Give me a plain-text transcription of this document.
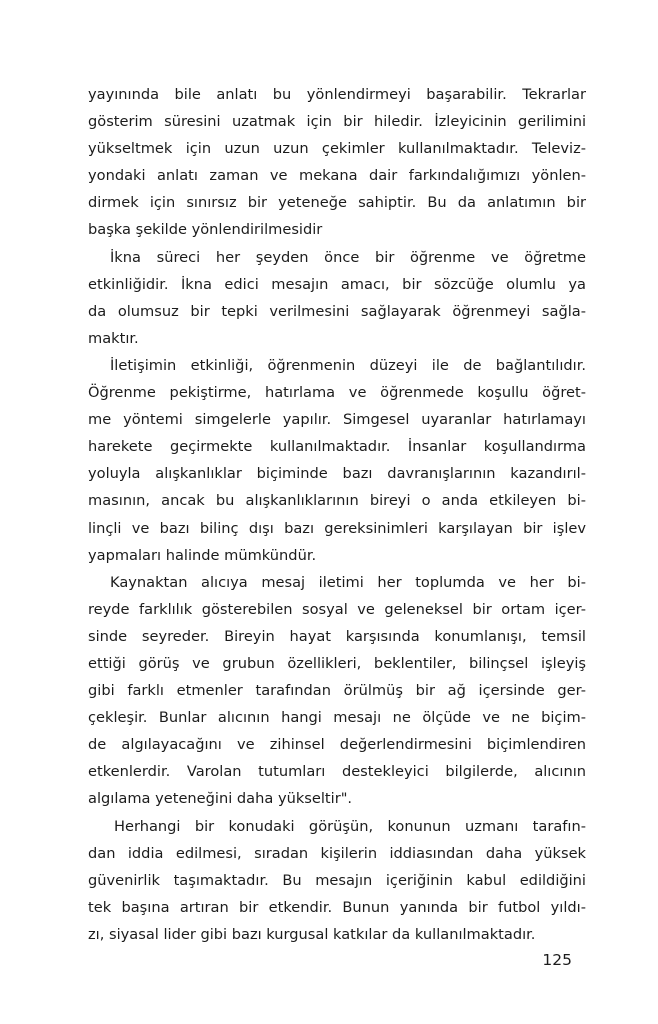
yayınında bile anlatı bu yönlendirmeyi başarabilir. Tekrarlar
gösterim süresini uzatmak için bir hiledir. İzleyicinin gerilimini
yükseltmek için uzun uzun çekimler kullanılmaktadır. Televiz-
yondaki anlatı zaman ve mekana dair farkındalığımızı yönlen-
dirmek için sınırsız bir yeteneğe sahiptir. Bu da anlatımın bir
başka şekilde yönlendirilmesidir
İkna süreci her şeyden önce bir öğrenme ve öğretme
etkinliğidir. İkna edici mesajın amacı, bir sözcüğe olumlu ya
da olumsuz bir tepki verilmesini sağlayarak öğrenmeyi sağla-
maktır.
İletişimin etkinliği, öğrenmenin düzeyi ile de bağlantılıdır.
Öğrenme pekiştirme, hatırlama ve öğrenmede koşullu öğret-
me yöntemi simgelerle yapılır. Simgesel uyaranlar hatırlamayı
harekete geçirmekte kullanılmaktadır. İnsanlar koşullandırma
yoluyla alışkanlıklar biçiminde bazı davranışlarının kazandırıl-
masının, ancak bu alışkanlıklarının bireyi o anda etkileyen bi-
linçli ve bazı bilinç dışı bazı gereksinimleri karşılayan bir işlev
yapmaları halinde mümkündür.
Kaynaktan alıcıya mesaj iletimi her toplumda ve her bi-
reyde farklılık gösterebilen sosyal ve geleneksel bir ortam içer-
sinde seyreder. Bireyin hayat karşısında konumlanışı, temsil
ettiği görüş ve grubun özellikleri, beklentiler, bilinçsel işleyiş
gibi farklı etmenler tarafından örülmüş bir ağ içersinde ger-
çekleşir. Bunlar alıcının hangi mesajı ne ölçüde ve ne biçim-
de algılayacağını ve zihinsel değerlendirmesini biçimlendiren
etkenlerdir. Varolan tutumları destekleyici bilgilerde, alıcının
algılama yeteneğini daha yükseltir".
Herhangi bir konudaki görüşün, konunun uzmanı tarafın-
dan iddia edilmesi, sıradan kişilerin iddiasından daha yüksek
güvenirlik taşımaktadır. Bu mesajın içeriğinin kabul edildiğini
tek başına artıran bir etkendir. Bunun yanında bir futbol yıldı-
zı, siyasal lider gibi bazı kurgusal katkılar da kullanılmaktadır.
125
